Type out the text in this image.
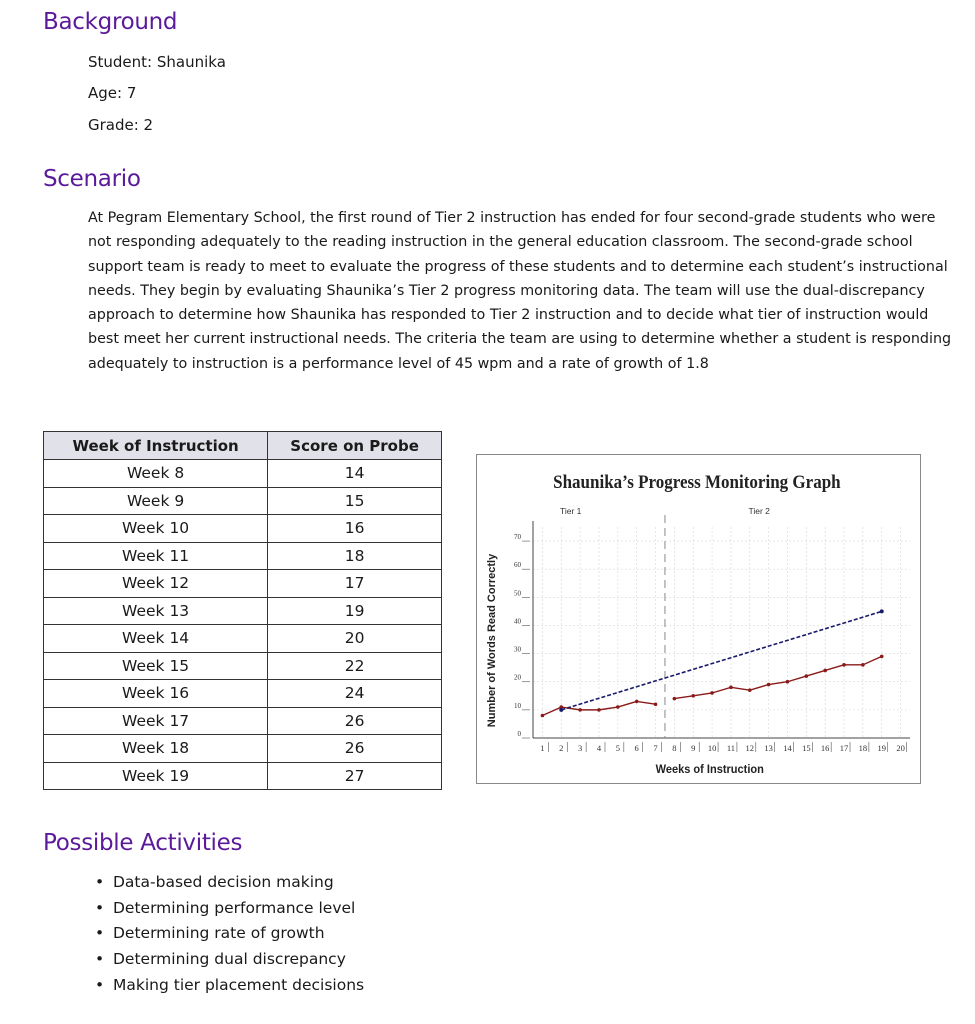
Background
Student: Shaunika
Age: 7
Grade: 2
Scenario

At Pegram Elementary School, the first round of Tier 2 instruction has ended for four second-grade students who were not responding adequately to the reading instruction in the general education classroom. The second-grade school support team is ready to meet to evaluate the progress of these students and to determine each student’s instructional needs. They begin by evaluating Shaunika’s Tier 2 progress monitoring data. The team will use the dual-discrepancy approach to determine how Shaunika has responded to Tier 2 instruction and to decide what tier of instruction would best meet her current instructional needs. The criteria the team are using to determine whether a student is responding adequately to instruction is a performance level of 45 wpm and a rate of growth of 1.8

Week of Instruction	Score on Probe
Week 8	14
Week 9	15
Week 10	16
Week 11	18
Week 12	17
Week 13	19
Week 14	20
Week 15	22
Week 16	24
Week 17	26
Week 18	26
Week 19	27
Shaunika’s Progress Monitoring Graph
Tier 1	Tier 2
1 2 3 4 5 6 7 8 9 10 11 12 13 14 15 16 17 18 19 20
0
10
20
30
40
50
60
70
Weeks of Instruction
Number of Words Read Correctly
Possible Activities
• Data-based decision making
• Determining performance level
• Determining rate of growth
• Determining dual discrepancy
• Making tier placement decisions
